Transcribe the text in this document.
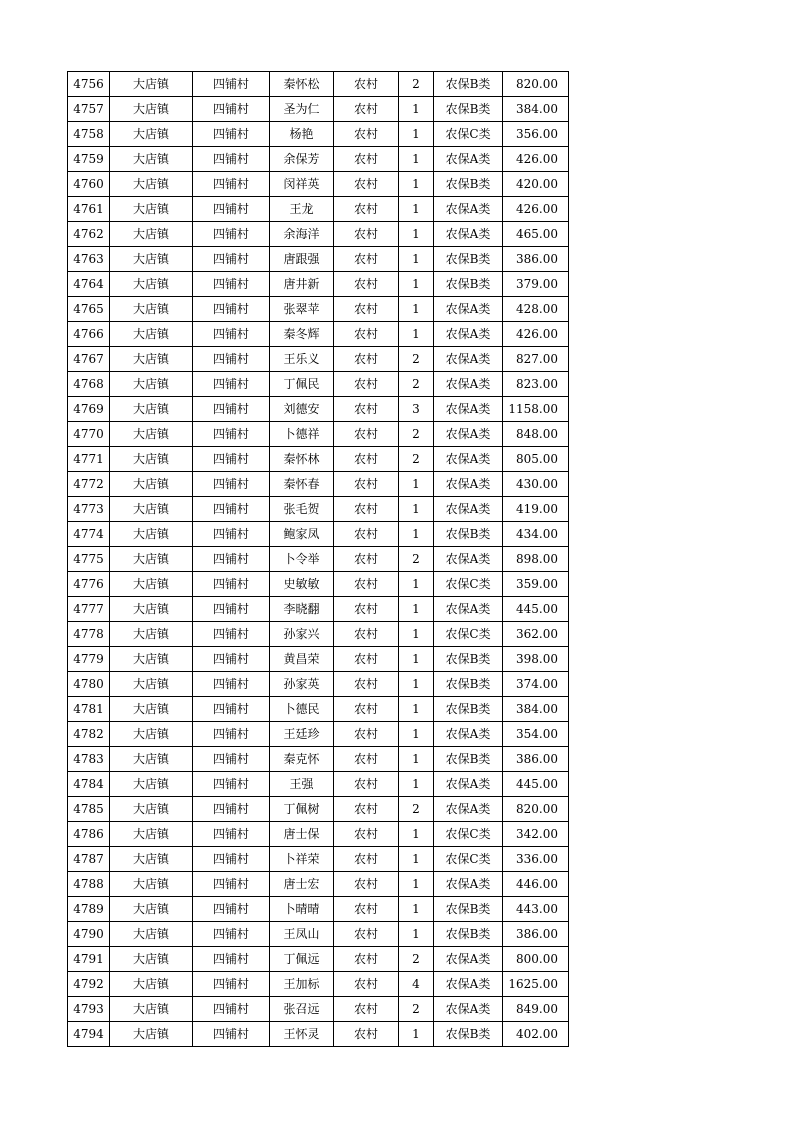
4756	大店镇	四铺村	秦怀松	农村	2	农保B类	820.00
4757	大店镇	四铺村	圣为仁	农村	1	农保B类	384.00
4758	大店镇	四铺村	杨艳	农村	1	农保C类	356.00
4759	大店镇	四铺村	余保芳	农村	1	农保A类	426.00
4760	大店镇	四铺村	闵祥英	农村	1	农保B类	420.00
4761	大店镇	四铺村	王龙	农村	1	农保A类	426.00
4762	大店镇	四铺村	余海洋	农村	1	农保A类	465.00
4763	大店镇	四铺村	唐跟强	农村	1	农保B类	386.00
4764	大店镇	四铺村	唐井新	农村	1	农保B类	379.00
4765	大店镇	四铺村	张翠苹	农村	1	农保A类	428.00
4766	大店镇	四铺村	秦冬辉	农村	1	农保A类	426.00
4767	大店镇	四铺村	王乐义	农村	2	农保A类	827.00
4768	大店镇	四铺村	丁佩民	农村	2	农保A类	823.00
4769	大店镇	四铺村	刘德安	农村	3	农保A类	1158.00
4770	大店镇	四铺村	卜德祥	农村	2	农保A类	848.00
4771	大店镇	四铺村	秦怀林	农村	2	农保A类	805.00
4772	大店镇	四铺村	秦怀春	农村	1	农保A类	430.00
4773	大店镇	四铺村	张毛贺	农村	1	农保A类	419.00
4774	大店镇	四铺村	鲍家凤	农村	1	农保B类	434.00
4775	大店镇	四铺村	卜令举	农村	2	农保A类	898.00
4776	大店镇	四铺村	史敏敏	农村	1	农保C类	359.00
4777	大店镇	四铺村	李晓翻	农村	1	农保A类	445.00
4778	大店镇	四铺村	孙家兴	农村	1	农保C类	362.00
4779	大店镇	四铺村	黄昌荣	农村	1	农保B类	398.00
4780	大店镇	四铺村	孙家英	农村	1	农保B类	374.00
4781	大店镇	四铺村	卜德民	农村	1	农保B类	384.00
4782	大店镇	四铺村	王廷珍	农村	1	农保A类	354.00
4783	大店镇	四铺村	秦克怀	农村	1	农保B类	386.00
4784	大店镇	四铺村	王强	农村	1	农保A类	445.00
4785	大店镇	四铺村	丁佩树	农村	2	农保A类	820.00
4786	大店镇	四铺村	唐士保	农村	1	农保C类	342.00
4787	大店镇	四铺村	卜祥荣	农村	1	农保C类	336.00
4788	大店镇	四铺村	唐士宏	农村	1	农保A类	446.00
4789	大店镇	四铺村	卜晴晴	农村	1	农保B类	443.00
4790	大店镇	四铺村	王凤山	农村	1	农保B类	386.00
4791	大店镇	四铺村	丁佩远	农村	2	农保A类	800.00
4792	大店镇	四铺村	王加标	农村	4	农保A类	1625.00
4793	大店镇	四铺村	张召远	农村	2	农保A类	849.00
4794	大店镇	四铺村	王怀灵	农村	1	农保B类	402.00
